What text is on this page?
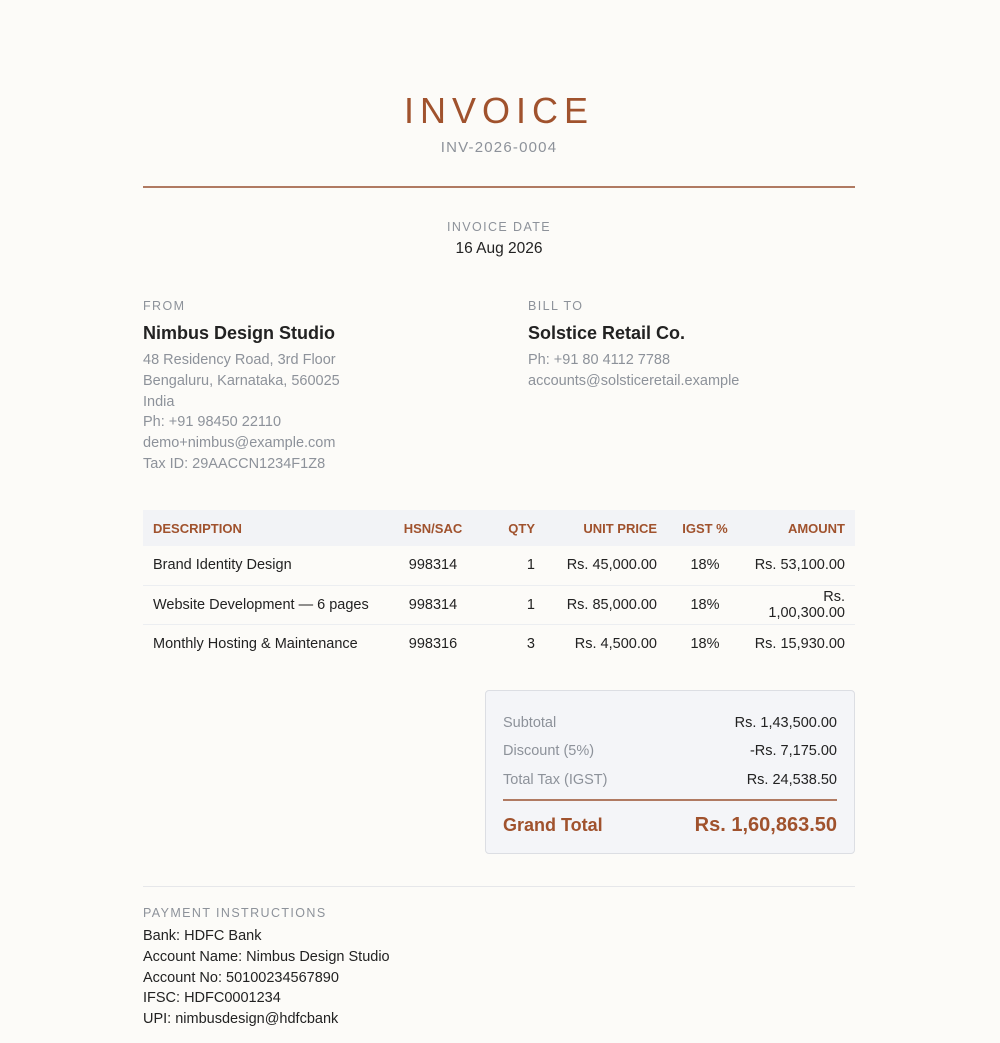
INVOICE
INV-2026-0004
INVOICE DATE
16 Aug 2026
FROM
Nimbus Design Studio
48 Residency Road, 3rd Floor
Bengaluru, Karnataka, 560025
India
Ph: +91 98450 22110
demo+nimbus@example.com
Tax ID: 29AACCN1234F1Z8
BILL TO
Solstice Retail Co.
Ph: +91 80 4112 7788
accounts@solsticeretail.example
DESCRIPTION	HSN/SAC	QTY	UNIT PRICE	IGST %	AMOUNT
Brand Identity Design	998314	1	Rs. 45,000.00	18%	Rs. 53,100.00
Website Development — 6 pages	998314	1	Rs. 85,000.00	18%	Rs. 1,00,300.00
Monthly Hosting & Maintenance	998316	3	Rs. 4,500.00	18%	Rs. 15,930.00
Subtotal	Rs. 1,43,500.00
Discount (5%)	-Rs. 7,175.00
Total Tax (IGST)	Rs. 24,538.50
Grand Total	Rs. 1,60,863.50
PAYMENT INSTRUCTIONS
Bank: HDFC Bank
Account Name: Nimbus Design Studio
Account No: 50100234567890
IFSC: HDFC0001234
UPI: nimbusdesign@hdfcbank
